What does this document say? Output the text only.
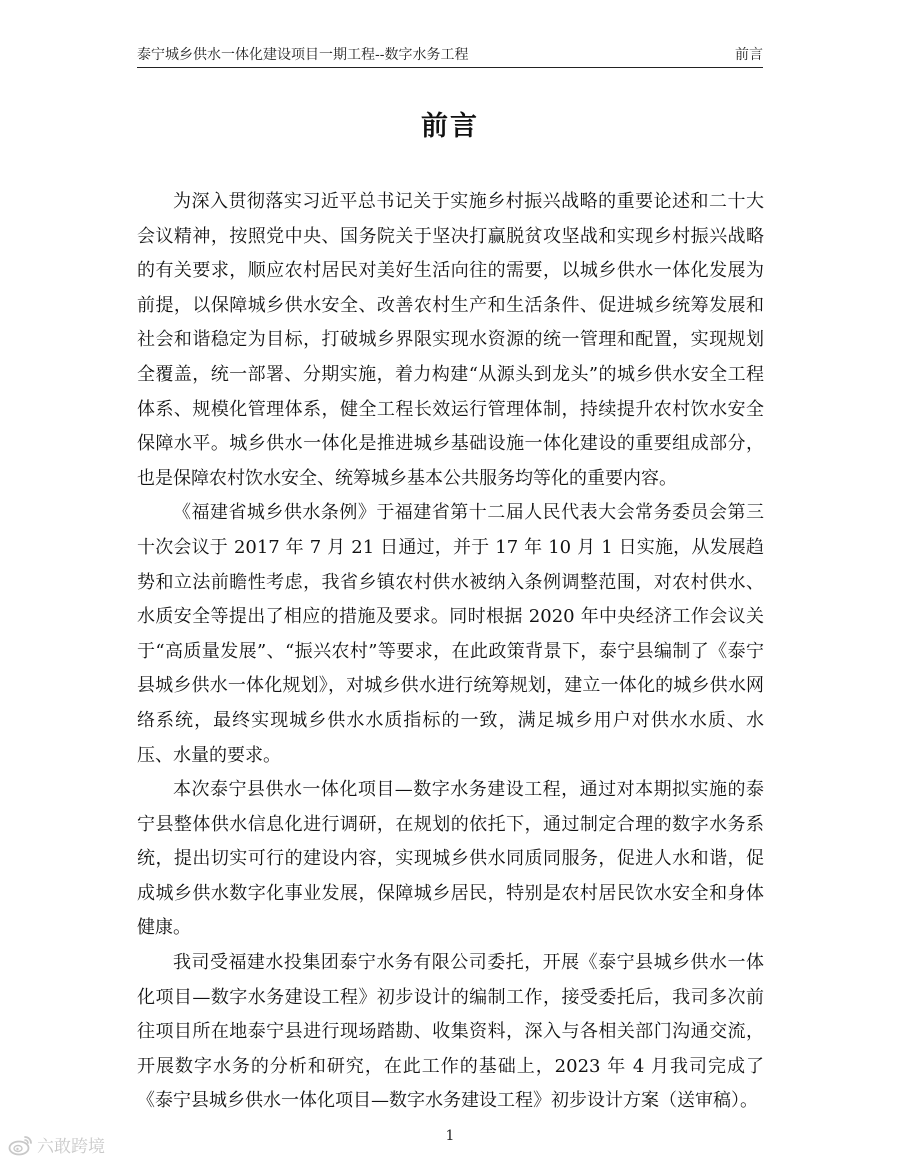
泰宁城乡供水一体化建设项目一期工程--数字水务工程	前言
前言

为深入贯彻落实习近平总书记关于实施乡村振兴战略的重要论述和二十大会议精神，按照党中央、国务院关于坚决打赢脱贫攻坚战和实现乡村振兴战略的有关要求，顺应农村居民对美好生活向往的需要，以城乡供水一体化发展为前提，以保障城乡供水安全、改善农村生产和生活条件、促进城乡统筹发展和社会和谐稳定为目标，打破城乡界限实现水资源的统一管理和配置，实现规划全覆盖，统一部署、分期实施，着力构建“从源头到龙头”的城乡供水安全工程体系、规模化管理体系，健全工程长效运行管理体制，持续提升农村饮水安全保障水平。城乡供水一体化是推进城乡基础设施一体化建设的重要组成部分，也是保障农村饮水安全、统筹城乡基本公共服务均等化的重要内容。

《福建省城乡供水条例》于福建省第十二届人民代表大会常务委员会第三十次会议于 2017 年 7 月 21 日通过，并于 17 年 10 月 1 日实施，从发展趋势和立法前瞻性考虑，我省乡镇农村供水被纳入条例调整范围，对农村供水、水质安全等提出了相应的措施及要求。同时根据 2020 年中央经济工作会议关于“高质量发展”、“振兴农村”等要求，在此政策背景下，泰宁县编制了《泰宁县城乡供水一体化规划》，对城乡供水进行统筹规划，建立一体化的城乡供水网络系统，最终实现城乡供水水质指标的一致，满足城乡用户对供水水质、水压、水量的要求。

本次泰宁县供水一体化项目—数字水务建设工程，通过对本期拟实施的泰宁县整体供水信息化进行调研，在规划的依托下，通过制定合理的数字水务系统，提出切实可行的建设内容，实现城乡供水同质同服务，促进人水和谐，促成城乡供水数字化事业发展，保障城乡居民，特别是农村居民饮水安全和身体健康。

我司受福建水投集团泰宁水务有限公司委托，开展《泰宁县城乡供水一体化项目—数字水务建设工程》初步设计的编制工作，接受委托后，我司多次前往项目所在地泰宁县进行现场踏勘、收集资料，深入与各相关部门沟通交流，开展数字水务的分析和研究，在此工作的基础上，2023 年 4 月我司完成了《泰宁县城乡供水一体化项目—数字水务建设工程》初步设计方案（送审稿）。

1
六敢跨境
